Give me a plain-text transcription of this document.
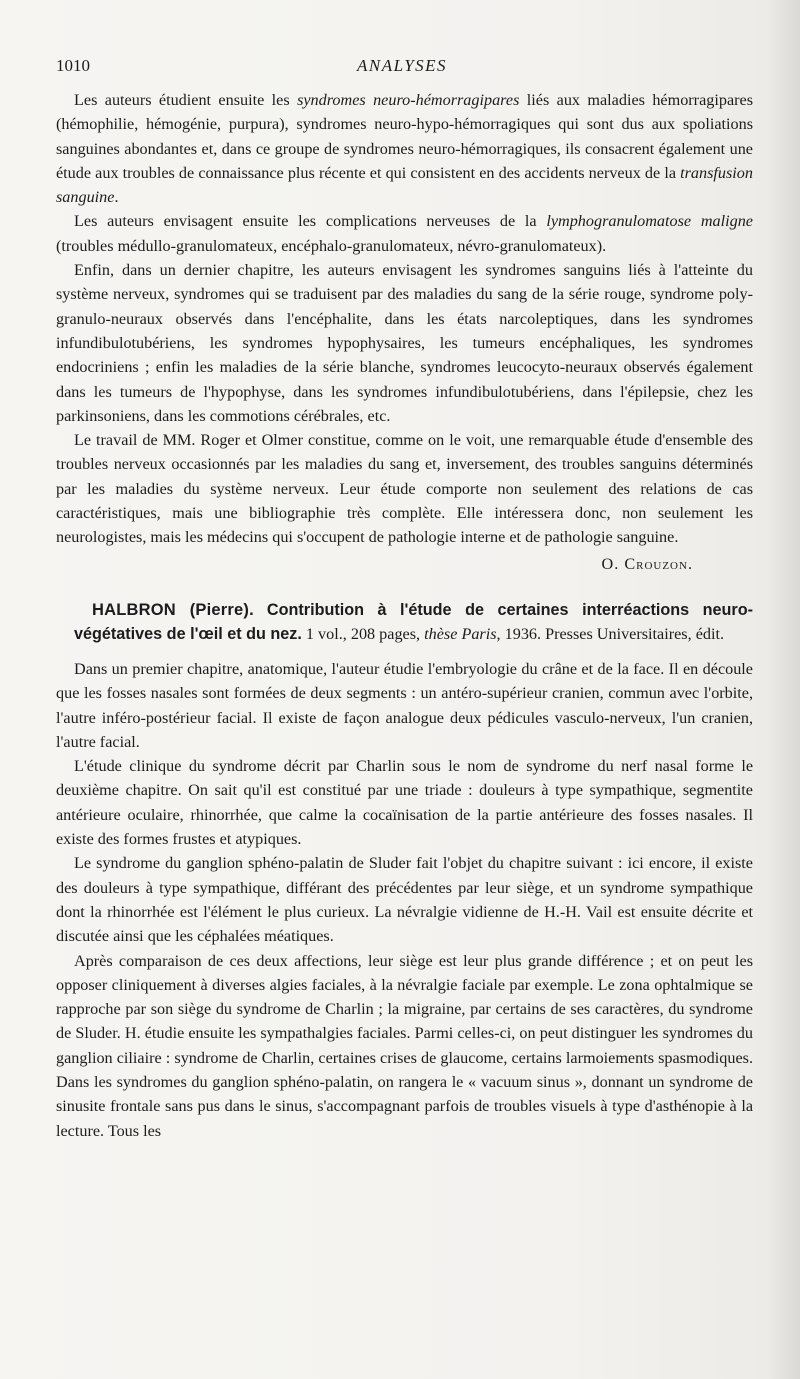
1010	ANALYSES

Les auteurs étudient ensuite les syndromes neuro-hémorragipares liés aux maladies hémorragipares (hémophilie, hémogénie, purpura), syndromes neuro-hypo-hémorragiques qui sont dus aux spoliations sanguines abondantes et, dans ce groupe de syndromes neuro-hémorragiques, ils consacrent également une étude aux troubles de connaissance plus récente et qui consistent en des accidents nerveux de la transfusion sanguine.

Les auteurs envisagent ensuite les complications nerveuses de la lymphogranulomatose maligne (troubles médullo-granulomateux, encéphalo-granulomateux, névro-granulomateux).

Enfin, dans un dernier chapitre, les auteurs envisagent les syndromes sanguins liés à l'atteinte du système nerveux, syndromes qui se traduisent par des maladies du sang de la série rouge, syndrome poly-granulo-neuraux observés dans l'encéphalite, dans les états narcoleptiques, dans les syndromes infundibulotubériens, les syndromes hypophysaires, les tumeurs encéphaliques, les syndromes endocriniens ; enfin les maladies de la série blanche, syndromes leucocyto-neuraux observés également dans les tumeurs de l'hypophyse, dans les syndromes infundibulotubériens, dans l'épilepsie, chez les parkinsoniens, dans les commotions cérébrales, etc.

Le travail de MM. Roger et Olmer constitue, comme on le voit, une remarquable étude d'ensemble des troubles nerveux occasionnés par les maladies du sang et, inversement, des troubles sanguins déterminés par les maladies du système nerveux. Leur étude comporte non seulement des relations de cas caractéristiques, mais une bibliographie très complète. Elle intéressera donc, non seulement les neurologistes, mais les médecins qui s'occupent de pathologie interne et de pathologie sanguine.

O. Crouzon.

HALBRON (Pierre). Contribution à l'étude de certaines interréactions neuro-végétatives de l'œil et du nez. 1 vol., 208 pages, thèse Paris, 1936. Presses Universitaires, édit.

Dans un premier chapitre, anatomique, l'auteur étudie l'embryologie du crâne et de la face. Il en découle que les fosses nasales sont formées de deux segments : un antéro-supérieur cranien, commun avec l'orbite, l'autre inféro-postérieur facial. Il existe de façon analogue deux pédicules vasculo-nerveux, l'un cranien, l'autre facial.

L'étude clinique du syndrome décrit par Charlin sous le nom de syndrome du nerf nasal forme le deuxième chapitre. On sait qu'il est constitué par une triade : douleurs à type sympathique, segmentite antérieure oculaire, rhinorrhée, que calme la cocaïnisation de la partie antérieure des fosses nasales. Il existe des formes frustes et atypiques.

Le syndrome du ganglion sphéno-palatin de Sluder fait l'objet du chapitre suivant : ici encore, il existe des douleurs à type sympathique, différant des précédentes par leur siège, et un syndrome sympathique dont la rhinorrhée est l'élément le plus curieux. La névralgie vidienne de H.-H. Vail est ensuite décrite et discutée ainsi que les céphalées méatiques.

Après comparaison de ces deux affections, leur siège est leur plus grande différence ; et on peut les opposer cliniquement à diverses algies faciales, à la névralgie faciale par exemple. Le zona ophtalmique se rapproche par son siège du syndrome de Charlin ; la migraine, par certains de ses caractères, du syndrome de Sluder. H. étudie ensuite les sympathalgies faciales. Parmi celles-ci, on peut distinguer les syndromes du ganglion ciliaire : syndrome de Charlin, certaines crises de glaucome, certains larmoiements spasmodiques. Dans les syndromes du ganglion sphéno-palatin, on rangera le « vacuum sinus », donnant un syndrome de sinusite frontale sans pus dans le sinus, s'accompagnant parfois de troubles visuels à type d'asthénopie à la lecture. Tous les
